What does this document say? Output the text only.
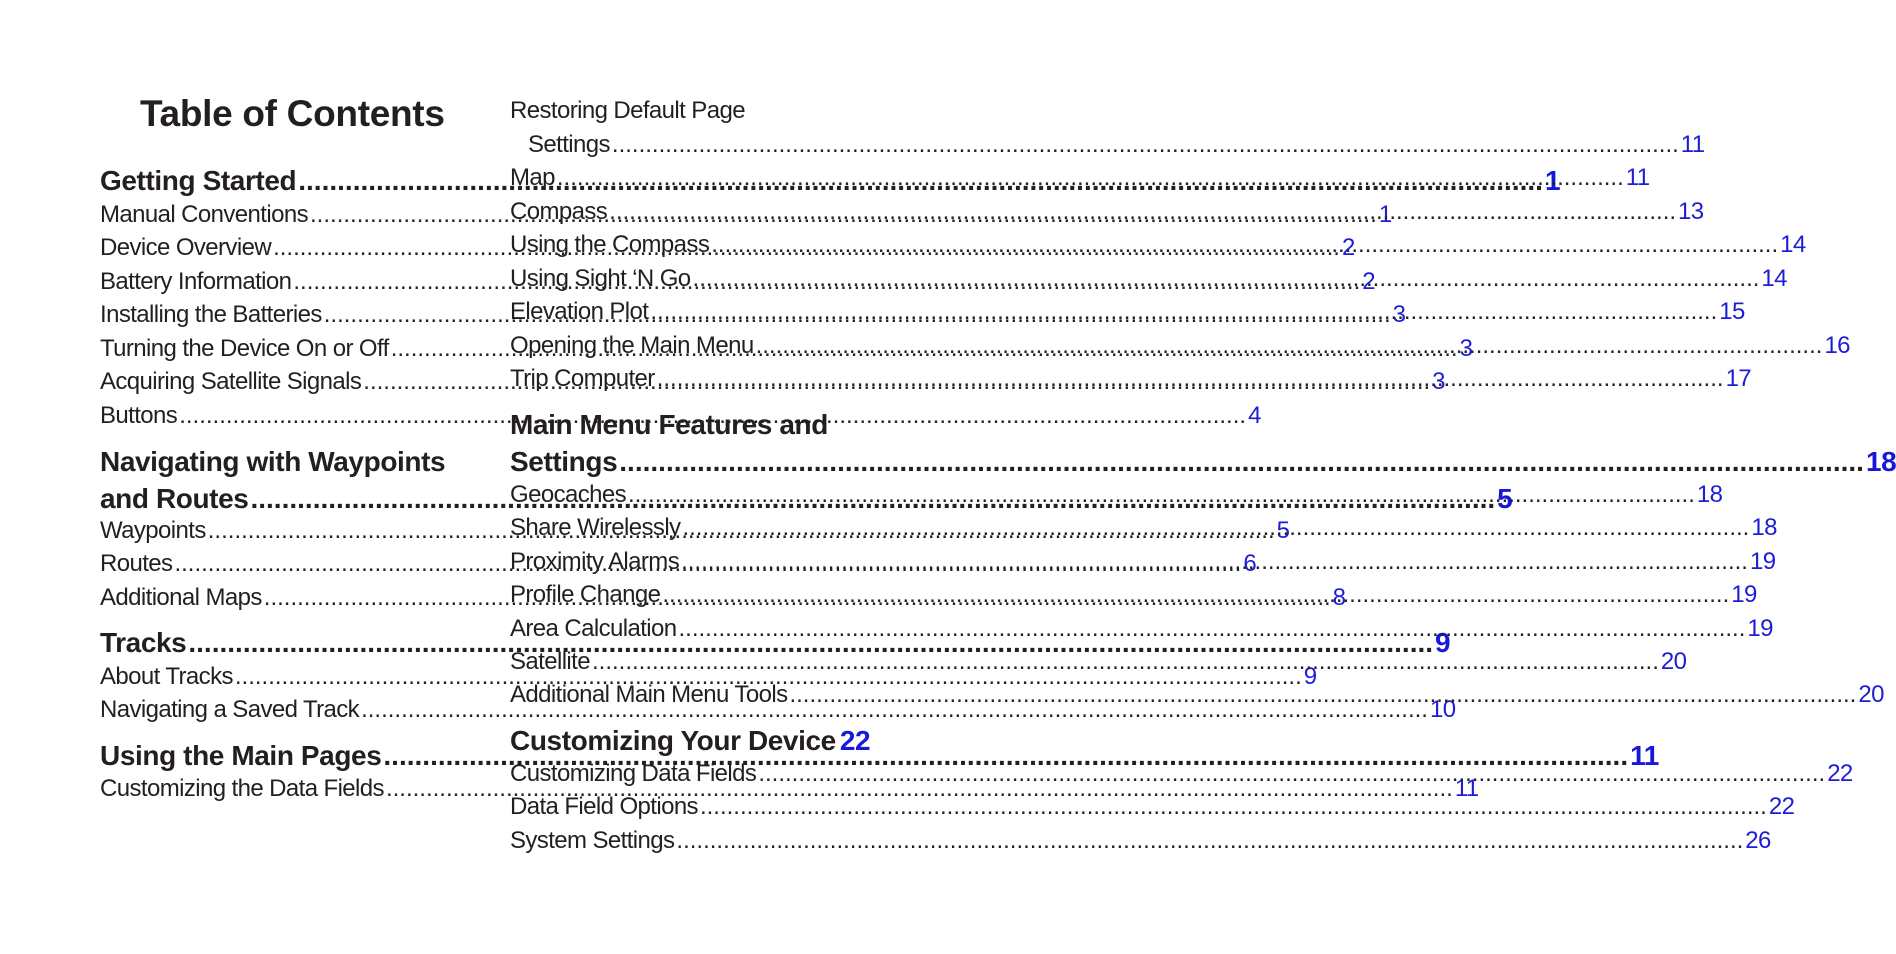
Table of Contents
Getting Started .....	1
Manual Conventions .....	1
Device Overview .....	2
Battery Information .....	2
Installing the Batteries .....	3
Turning the Device On or Off .....	3
Acquiring Satellite Signals .....	3
Buttons .....	4
Navigating with Waypoints
and Routes .....	5
Waypoints .....	5
Routes .....	6
Additional Maps .....	8
Tracks .....	9
About Tracks .....	9
Navigating a Saved Track .....	10
Using the Main Pages .....	11
Customizing the Data Fields .....	11
Restoring Default Page
Settings .....	11
Map .....	11
Compass .....	13
Using the Compass .....	14
Using Sight ‘N Go .....	14
Elevation Plot .....	15
Opening the Main Menu .....	16
Trip Computer .....	17
Main Menu Features and
Settings .....	18
Geocaches .....	18
Share Wirelessly .....	18
Proximity Alarms .....	19
Profile Change .....	19
Area Calculation .....	19
Satellite .....	20
Additional Main Menu Tools .....	20
Customizing Your Device 22
Customizing Data Fields .....	22
Data Field Options .....	22
System Settings .....	26
